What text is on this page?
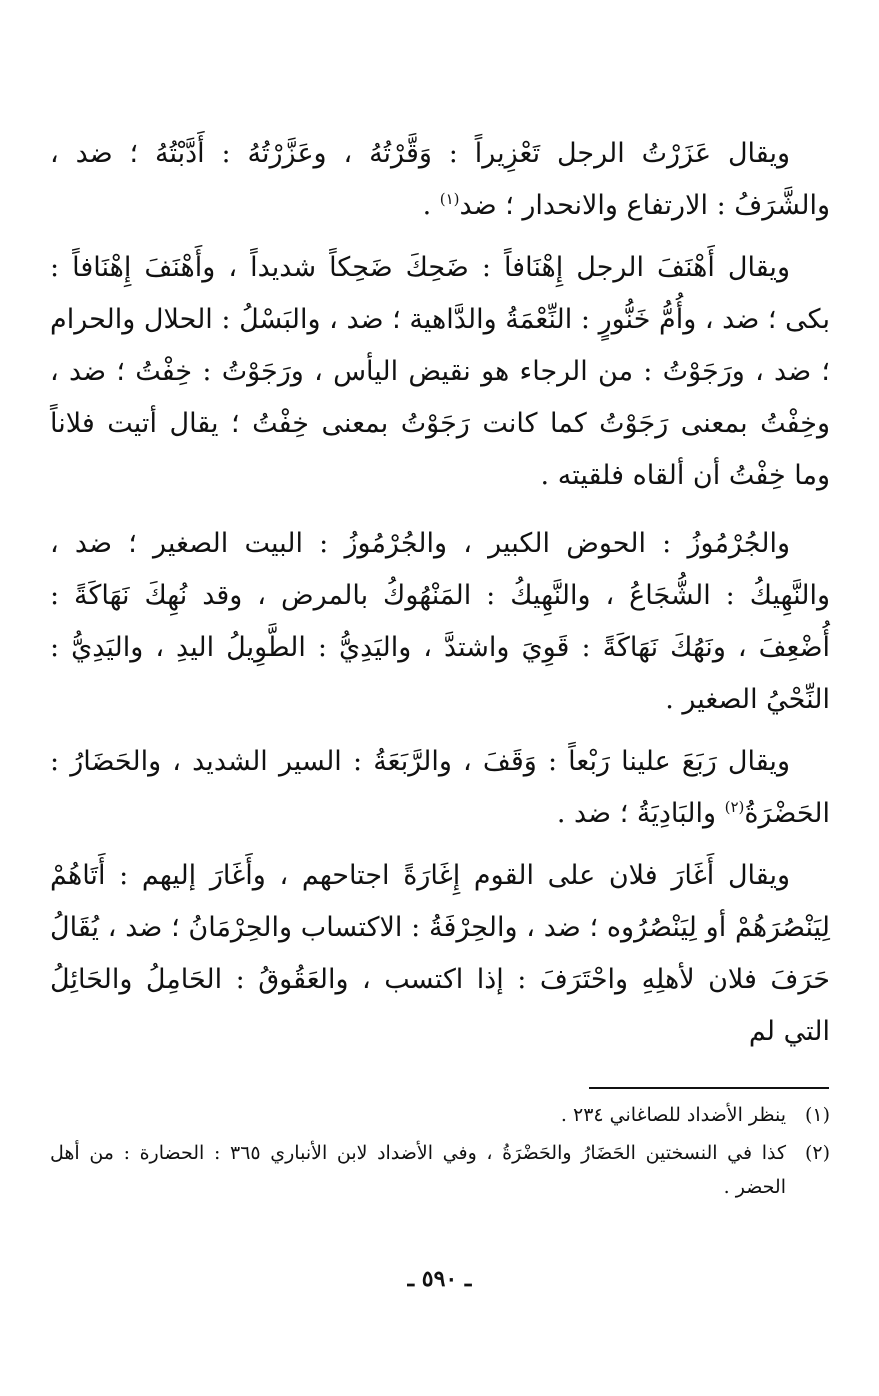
ويقال عَزَرْتُ الرجل تَعْزِيراً : وَقَّرْتُهُ ، وعَزَّرْتُهُ : أَدَّبْتُهُ ؛ ضد ، والشَّرَفُ : الارتفاع والانحدار ؛ ضد$^{(١)}$ .

ويقال أَهْنَفَ الرجل إِهْنَافاً : ضَحِكَ ضَحِكاً شديداً ، وأَهْنَفَ إِهْنَافاً : بكى ؛ ضد ، وأُمُّ خَنُّورٍ : النِّعْمَةُ والدَّاهية ؛ ضد ، والبَسْلُ : الحلال والحرام ؛ ضد ، ورَجَوْتُ : من الرجاء هو نقيض اليأس ، ورَجَوْتُ : خِفْتُ ؛ ضد ، وخِفْتُ بمعنى رَجَوْتُ كما كانت رَجَوْتُ بمعنى خِفْتُ ؛ يقال أتيت فلاناً وما خِفْتُ أن ألقاه فلقيته .

والجُرْمُوزُ : الحوض الكبير ، والجُرْمُوزُ : البيت الصغير ؛ ضد ، والنَّهِيكُ : الشُّجَاعُ ، والنَّهِيكُ : المَنْهُوكُ بالمرض ، وقد نُهِكَ نَهَاكَةً : أُضْعِفَ ، ونَهُكَ نَهَاكَةً : قَوِيَ واشتدَّ ، واليَدِيُّ : الطَّوِيلُ اليدِ ، واليَدِيُّ : النِّحْيُ الصغير .

ويقال رَبَعَ علينا رَبْعاً : وَقَفَ ، والرَّبَعَةُ : السير الشديد ، والحَضَارُ : الحَضْرَةُ$^{(٢)}$ والبَادِيَةُ ؛ ضد .

ويقال أَغَارَ فلان على القوم إِغَارَةً اجتاحهم ، وأَغَارَ إليهم : أَتَاهُمْ لِيَنْصُرَهُمْ أو لِيَنْصُرُوه ؛ ضد ، والحِرْفَةُ : الاكتساب والحِرْمَانُ ؛ ضد ، يُقَالُ حَرَفَ فلان لأهلِهِ واحْتَرَفَ : إذا اكتسب ، والعَقُوقُ : الحَامِلُ والحَائِلُ التي لم

(١)
ينظر الأضداد للصاغاني ٢٣٤ .
(٢)
كذا في النسختين الحَضَارُ والحَضْرَةُ ، وفي الأضداد لابن الأنباري ٣٦٥ : الحضارة : من أهل الحضر .
ـ ٥٩٠ ـ
